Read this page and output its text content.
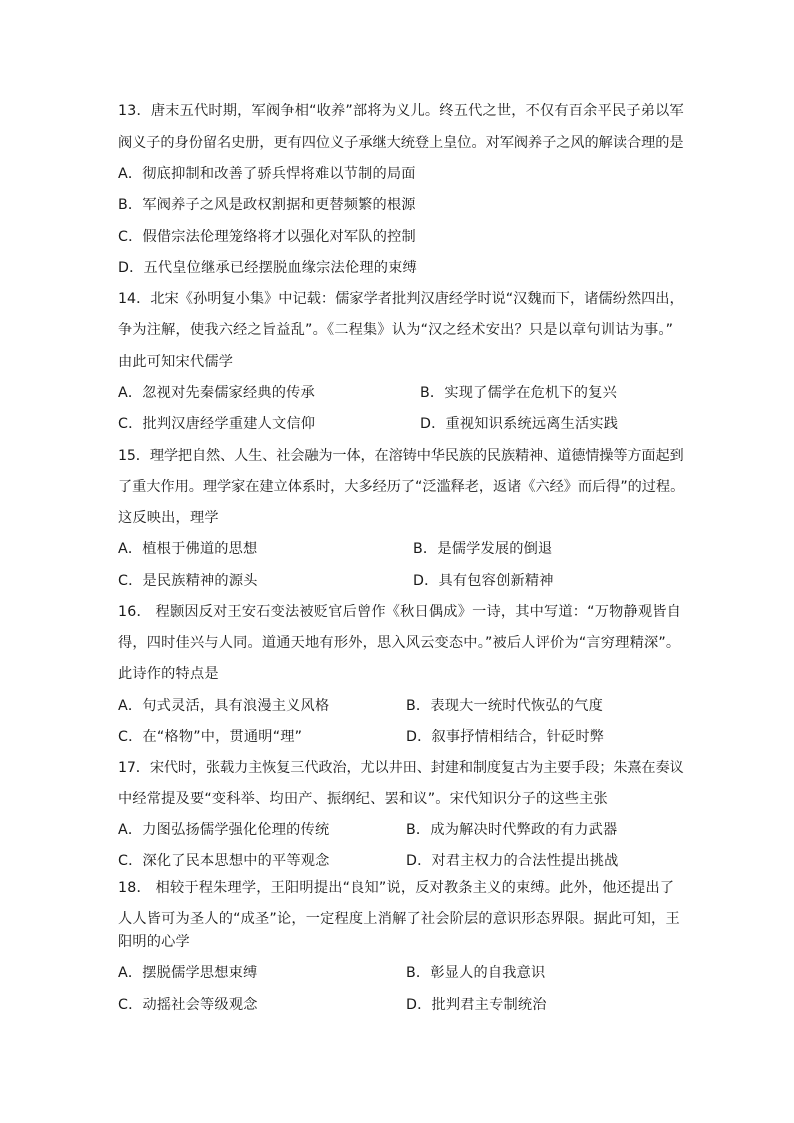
13．唐末五代时期，军阀争相“收养”部将为义儿。终五代之世，不仅有百余平民子弟以军
阀义子的身份留名史册，更有四位义子承继大统登上皇位。对军阀养子之风的解读合理的是
A．彻底抑制和改善了骄兵悍将难以节制的局面
B．军阀养子之风是政权割据和更替频繁的根源
C．假借宗法伦理笼络将才以强化对军队的控制
D．五代皇位继承已经摆脱血缘宗法伦理的束缚
14．北宋《孙明复小集》中记载：儒家学者批判汉唐经学时说“汉魏而下，诸儒纷然四出，
争为注解，使我六经之旨益乱”。《二程集》认为“汉之经术安出？只是以章句训诂为事。”
由此可知宋代儒学
A．忽视对先秦儒家经典的传承	B．实现了儒学在危机下的复兴
C．批判汉唐经学重建人文信仰	D．重视知识系统远离生活实践
15．理学把自然、人生、社会融为一体，在溶铸中华民族的民族精神、道德情操等方面起到
了重大作用。理学家在建立体系时，大多经历了“泛滥释老，返诸《六经》而后得”的过程。
这反映出，理学
A．植根于佛道的思想	B．是儒学发展的倒退
C．是民族精神的源头	D．具有包容创新精神
16． 程颢因反对王安石变法被贬官后曾作《秋日偶成》一诗，其中写道：“万物静观皆自
得，四时佳兴与人同。道通天地有形外，思入风云变态中。”被后人评价为“言穷理精深”。
此诗作的特点是
A．句式灵活，具有浪漫主义风格	B．表现大一统时代恢弘的气度
C．在“格物”中，贯通明“理”	D．叙事抒情相结合，针砭时弊
17．宋代时，张载力主恢复三代政治，尤以井田、封建和制度复古为主要手段；朱熹在奏议
中经常提及要“变科举、均田产、振纲纪、罢和议”。宋代知识分子的这些主张
A．力图弘扬儒学强化伦理的传统	B．成为解决时代弊政的有力武器
C．深化了民本思想中的平等观念	D．对君主权力的合法性提出挑战
18． 相较于程朱理学，王阳明提出“良知”说，反对教条主义的束缚。此外，他还提出了
人人皆可为圣人的“成圣”论，一定程度上消解了社会阶层的意识形态界限。据此可知，王
阳明的心学
A．摆脱儒学思想束缚	B．彰显人的自我意识
C．动摇社会等级观念	D．批判君主专制统治
